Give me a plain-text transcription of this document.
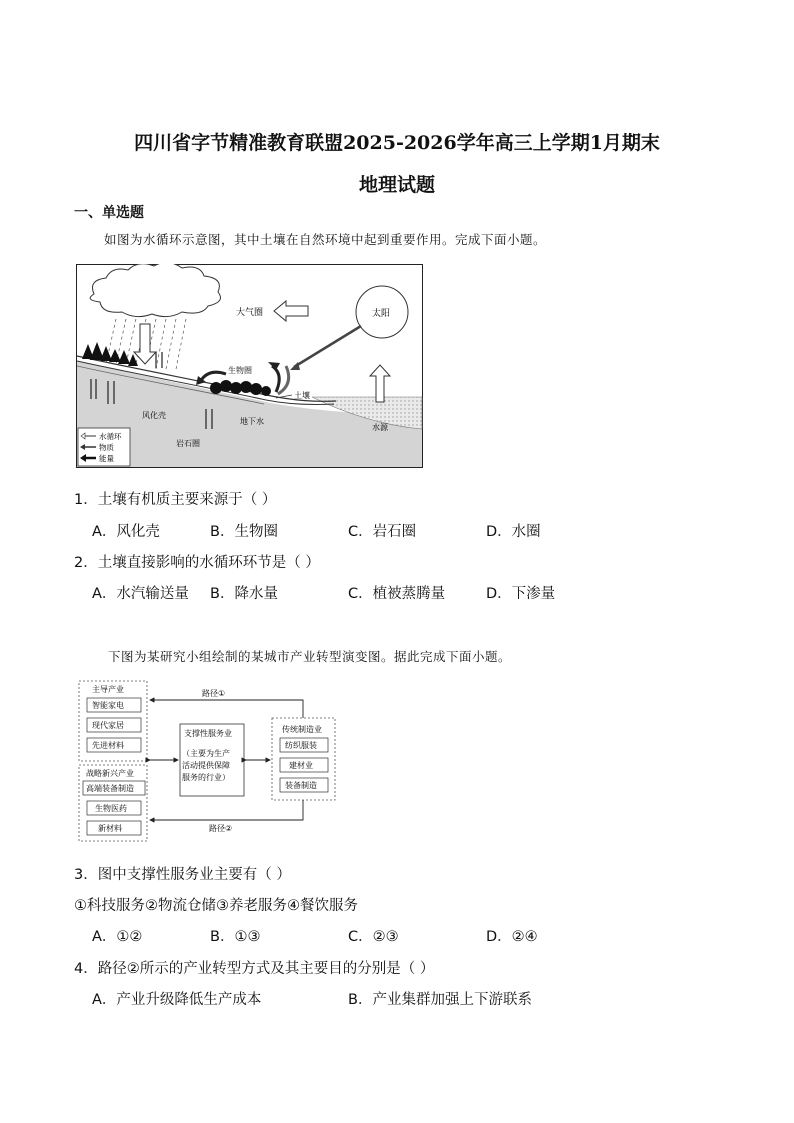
四川省字节精准教育联盟2025-2026学年高三上学期1月期末
地理试题
一、单选题
如图为水循环示意图，其中土壤在自然环境中起到重要作用。完成下面小题。
大气圈	太阳
生物圈
土壤
风化壳
地下水
岩石圈
水源
水循环
物质
能量
1．土壤有机质主要来源于（ ）
A．风化壳	B．生物圈	C．岩石圈	D．水圈
2．土壤直接影响的水循环环节是（ ）
A．水汽输送量 B．降水量	C．植被蒸腾量	D．下渗量
下图为某研究小组绘制的某城市产业转型演变图。据此完成下面小题。
主导产业
智能家电
现代家居
先进材料
战略新兴产业
高端装备制造
生物医药
新材料
支撑性服务业
（主要为生产
活动提供保障
服务的行业）
传统制造业
纺织服装
建材业
装备制造
路径①
路径②
3．图中支撑性服务业主要有（ ）
①科技服务②物流仓储③养老服务④餐饮服务
A．①②	B．①③	C．②③	D．②④
4．路径②所示的产业转型方式及其主要目的分别是（ ）
A．产业升级降低生产成本	B．产业集群加强上下游联系
